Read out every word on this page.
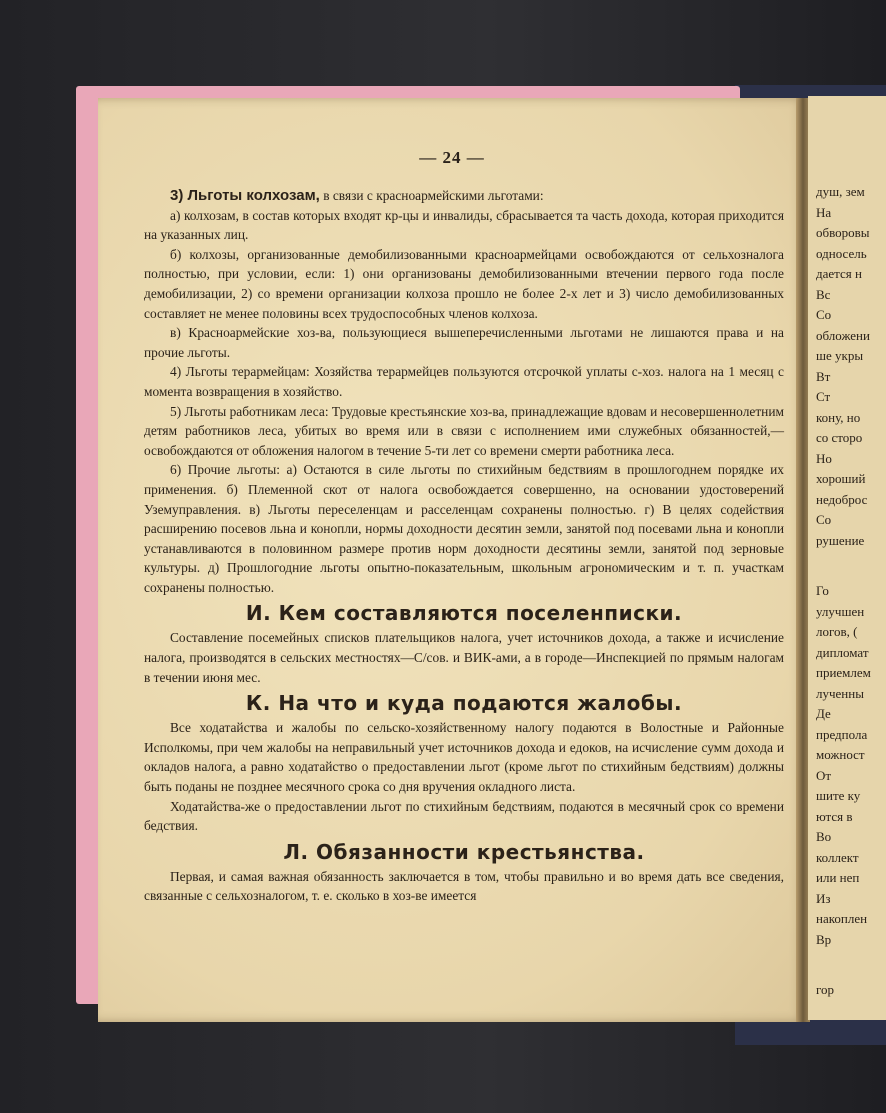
— 24 —

3) Льготы колхозам, в связи с красноармейскими льготами:

а) колхозам, в состав которых входят кр-цы и инвалиды, сбрасывается та часть дохода, которая приходится на указанных лиц.

б) колхозы, организованные демобилизованными красноармейцами освобождаются от сельхозналога полностью, при условии, если: 1) они организованы демобилизованными втечении первого года после демобилизации, 2) со времени организации колхоза прошло не более 2-х лет и 3) число демобилизованных составляет не менее половины всех трудоспособных членов колхоза.

в) Красноармейские хоз-ва, пользующиеся вышеперечисленными льготами не лишаются права и на прочие льготы.

4) Льготы терармейцам: Хозяйства терармейцев пользуются отсрочкой уплаты с-хоз. налога на 1 месяц с момента возвращения в хозяйство.

5) Льготы работникам леса: Трудовые крестьянские хоз-ва, принадлежащие вдовам и несовершеннолетним детям работников леса, убитых во время или в связи с исполнением ими служебных обязанностей,—освобождаются от обложения налогом в течение 5-ти лет со времени смерти работника леса.

6) Прочие льготы: а) Остаются в силе льготы по стихийным бедствиям в прошлогоднем порядке их применения. б) Племенной скот от налога освобождается совершенно, на основании удостоверений Уземуправления. в) Льготы переселенцам и расселенцам сохранены полностью. г) В целях содействия расширению посевов льна и конопли, нормы доходности десятин земли, занятой под посевами льна и конопли устанавливаются в половинном размере против норм доходности десятины земли, занятой под зерновые культуры. д) Прошлогодние льготы опытно-показательным, школьным агрономическим и т. п. участкам сохранены полностью.

И. Кем составляются поселенписки.

Составление посемейных списков плательщиков налога, учет источников дохода, а также и исчисление налога, производятся в сельских местностях—С/сов. и ВИК-ами, а в городе—Инспекцией по прямым налогам в течении июня мес.

К. На что и куда подаются жалобы.

Все ходатайства и жалобы по сельско-хозяйственному налогу подаются в Волостные и Районные Исполкомы, при чем жалобы на неправильный учет источников дохода и едоков, на исчисление сумм дохода и окладов налога, а равно ходатайство о предоставлении льгот (кроме льгот по стихийным бедствиям) должны быть поданы не позднее месячного срока со дня вручения окладного листа.

Ходатайства-же о предоставлении льгот по стихийным бедствиям, подаются в месячный срок со времени бедствия.

Л. Обязанности крестьянства.

Первая, и самая важная обязанность заключается в том, чтобы правильно и во время дать все сведения, связанные с сельхозналогом, т. е. сколько в хоз-ве имеется

душ, зем
На
обворовы
односель
дается н
Вс
Со
обложени
ше укры
Вт
Ст
кону, но
со сторо
Но
хороший
недоброс
Со
рушение
Го
улучшен
логов, (
дипломат
приемлем
лученны
Де
предпола
можност
От
шите ку
ются в
Во
коллект
или неп
Из
накоплен
Вр
гор
